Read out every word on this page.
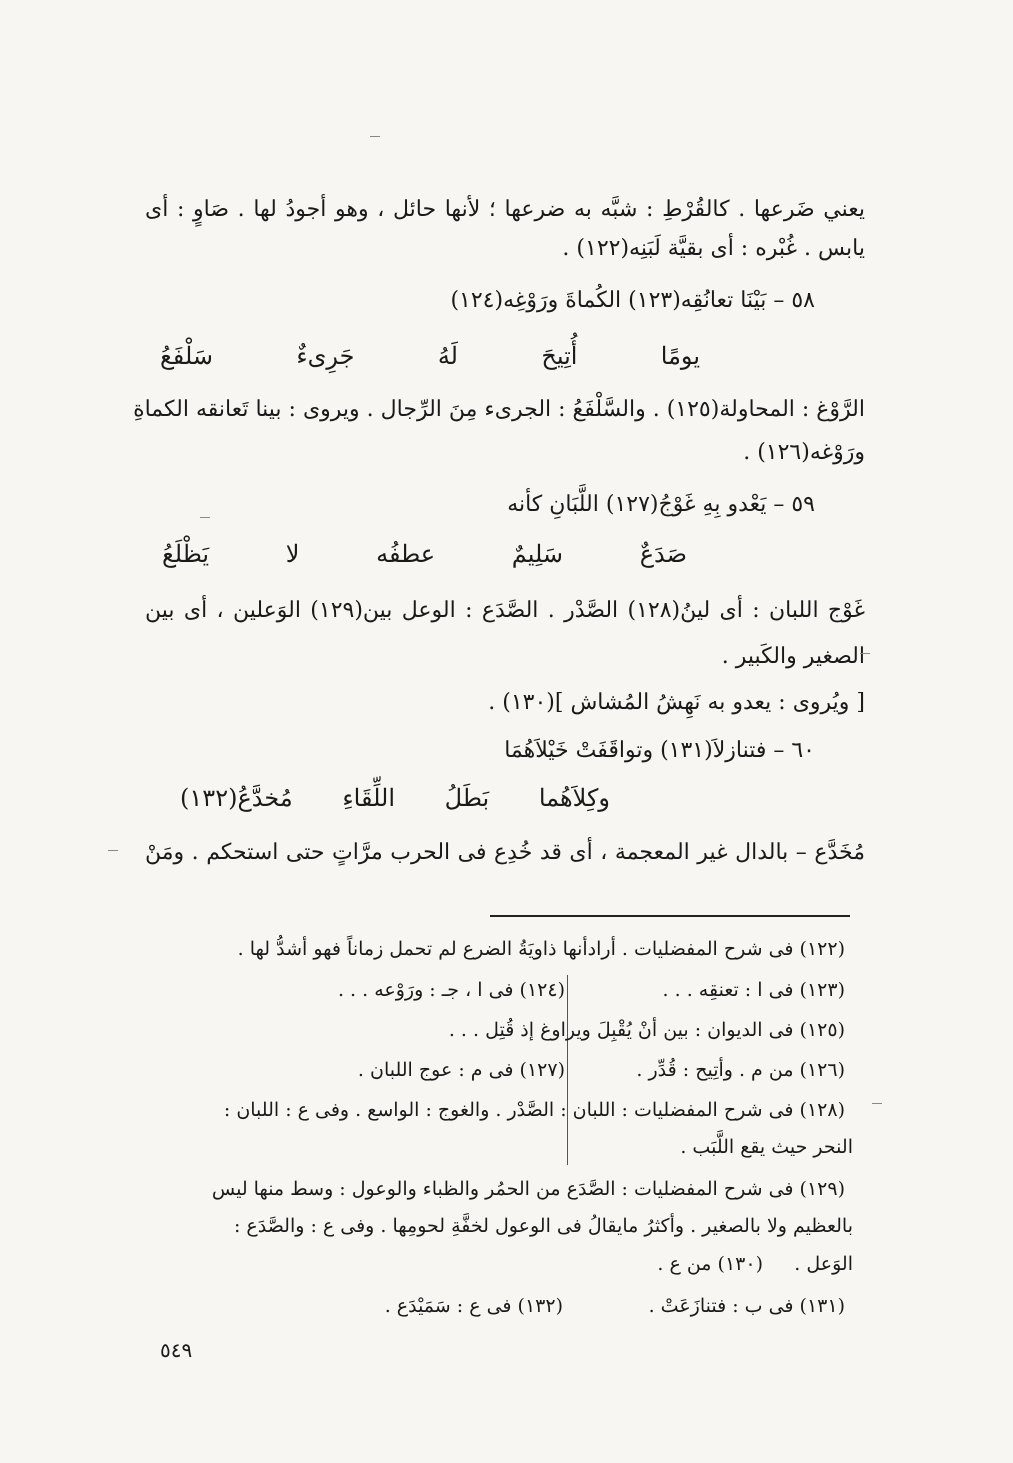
يعني ضَرعها . كالقُرْطِ : شبَّه به ضرعها ؛ لأنها حائل ، وهو أجودُ لها . صَاوٍ : أى
يابس . غُبْره : أى بقيَّة لَبَنِه(١٢٢) .
٥٨ – بَيْنَا تعانُقِه(١٢٣) الكُماةَ ورَوْغِه(١٢٤)
يومًا
أُتِيحَ
لَهُ
جَرِىءٌ
سَلْفَعُ
الرَّوْغ : المحاولة(١٢٥) . والسَّلْفَعُ : الجرىء مِنَ الرِّجال . ويروى : بينا تَعانقه الكماةِ
ورَوْغه(١٢٦) .
٥٩ – يَعْدو بِهِ غَوْجُ(١٢٧) اللَّبَانِ كأنه
صَدَعٌ
سَلِيمٌ
عطفُه
لا
يَظْلَعُ
غَوْج اللبان : أى لينُ(١٢٨) الصَّدْر . الصَّدَع : الوعل بين(١٢٩) الوَعلين ، أى بين
الصغير والكَبير .
[ ويُروى : يعدو به نَهِشُ المُشاش ](١٣٠) .
٦٠ – فتنازلاَ(١٣١) وتواقَفَتْ خَيْلاَهُمَا
وكِلاَهُما
بَطَلُ
اللِّقَاءِ
مُخدَّعُ(١٣٢)
مُخَدَّع – بالدال غير المعجمة ، أى قد خُدِع فى الحرب مرَّاتٍ حتى استحكم . ومَنْ
(١٢٢) فى شرح المفضليات . أرادأنها ذاويَةُ الضرع لم تحمل زماناً فهو أشدُّ لها .
(١٢٣) فى ا : تعنقِه . . .
(١٢٤) فى ا ، جـ : ورَوْعه . . .
(١٢٥) فى الديوان : بين أنْ يُقْبِلَ ويراوغ إذ قُتِل . . .
(١٢٦) من م . وأتِيح : قُدِّر .
(١٢٧) فى م : عوج اللبان .
(١٢٨) فى شرح المفضليات : اللبان : الصَّدْر . والغوج : الواسع . وفى ع : اللبان :
النحر حيث يقع اللَّبَب .
(١٢٩) فى شرح المفضليات : الصَّدَع من الحمُر والظباء والوعول : وسط منها ليس
بالعظيم ولا بالصغير . وأكثرُ مايقالُ فى الوعول لخفَّةِ لحومِها . وفى ع : والصَّدَع :
الوَعل .
(١٣٠) من ع .
(١٣١) فى ب : فتنازَعَتْ .
(١٣٢) فى ع : سَمَيْدَع .
٥٤٩
